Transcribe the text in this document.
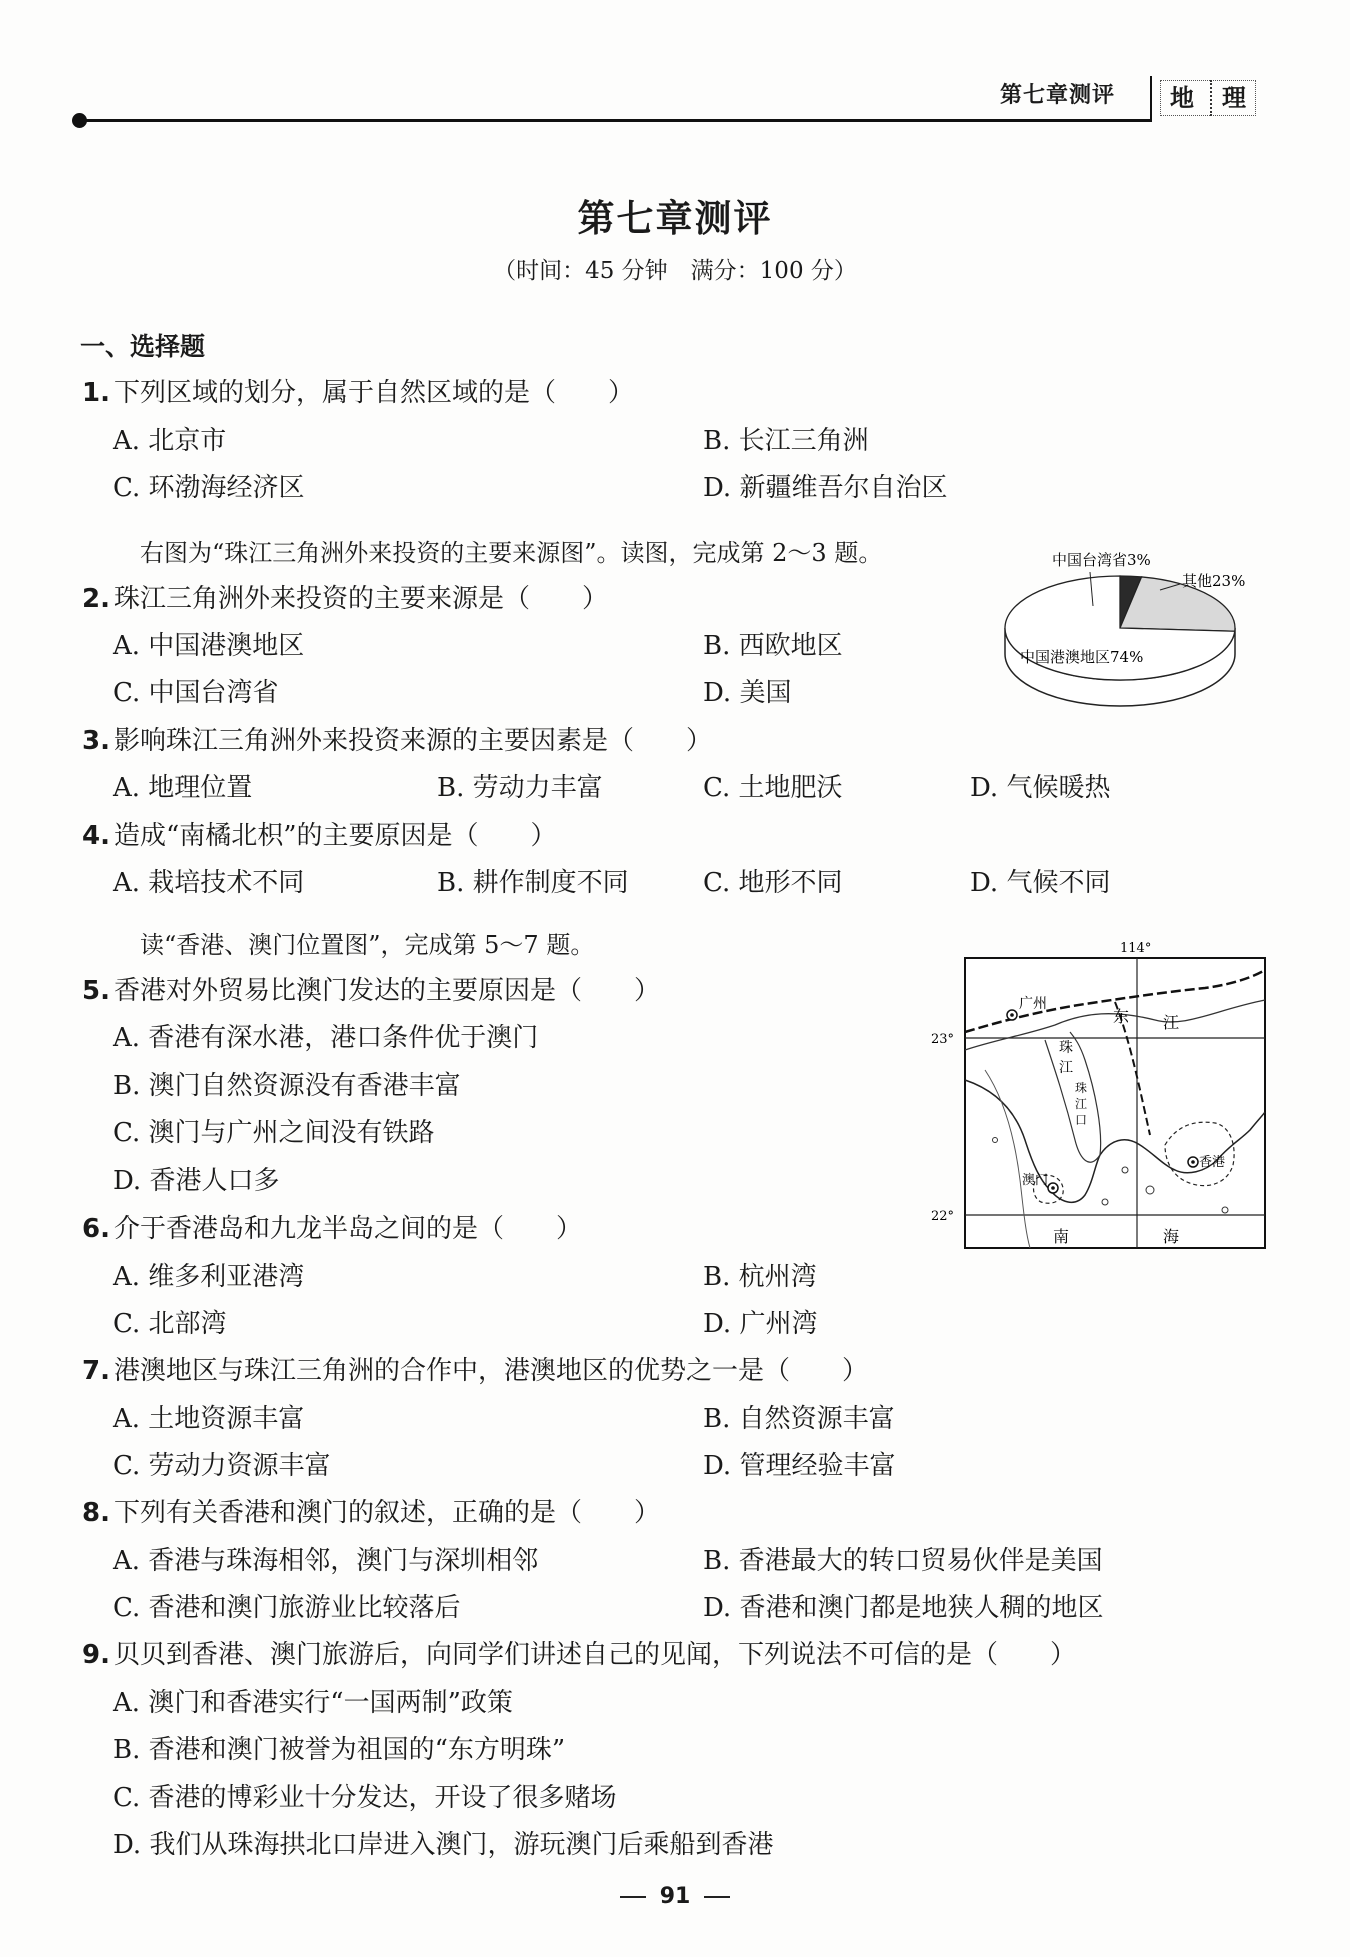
第七章测评	地	理
第七章测评
（时间：45 分钟　满分：100 分）
一、选择题
1. 下列区域的划分，属于自然区域的是（　　）
A. 北京市	B. 长江三角洲
C. 环渤海经济区	D. 新疆维吾尔自治区
右图为“珠江三角洲外来投资的主要来源图”。读图，完成第 2～3 题。
2. 珠江三角洲外来投资的主要来源是（　　）
A. 中国港澳地区	B. 西欧地区
C. 中国台湾省	D. 美国
3. 影响珠江三角洲外来投资来源的主要因素是（　　）
A. 地理位置	B. 劳动力丰富	C. 土地肥沃	D. 气候暖热
4. 造成“南橘北枳”的主要原因是（　　）
A. 栽培技术不同	B. 耕作制度不同	C. 地形不同	D. 气候不同
读“香港、澳门位置图”，完成第 5～7 题。
5. 香港对外贸易比澳门发达的主要原因是（　　）
A. 香港有深水港，港口条件优于澳门
B. 澳门自然资源没有香港丰富
C. 澳门与广州之间没有铁路
D. 香港人口多
6. 介于香港岛和九龙半岛之间的是（　　）
A. 维多利亚港湾	B. 杭州湾
C. 北部湾	D. 广州湾
7. 港澳地区与珠江三角洲的合作中，港澳地区的优势之一是（　　）
A. 土地资源丰富	B. 自然资源丰富
C. 劳动力资源丰富	D. 管理经验丰富
8. 下列有关香港和澳门的叙述，正确的是（　　）
A. 香港与珠海相邻，澳门与深圳相邻	B. 香港最大的转口贸易伙伴是美国
C. 香港和澳门旅游业比较落后	D. 香港和澳门都是地狭人稠的地区
9. 贝贝到香港、澳门旅游后，向同学们讲述自己的见闻，下列说法不可信的是（　　）
A. 澳门和香港实行“一国两制”政策
B. 香港和澳门被誉为祖国的“东方明珠”
C. 香港的博彩业十分发达，开设了很多赌场
D. 我们从珠海拱北口岸进入澳门，游玩澳门后乘船到香港
中国台湾省3%
其他23%
中国港澳地区74%
114°
23°
22°
广州
东 江
珠
江
珠
江
口
澳门
香港
南	海
91
